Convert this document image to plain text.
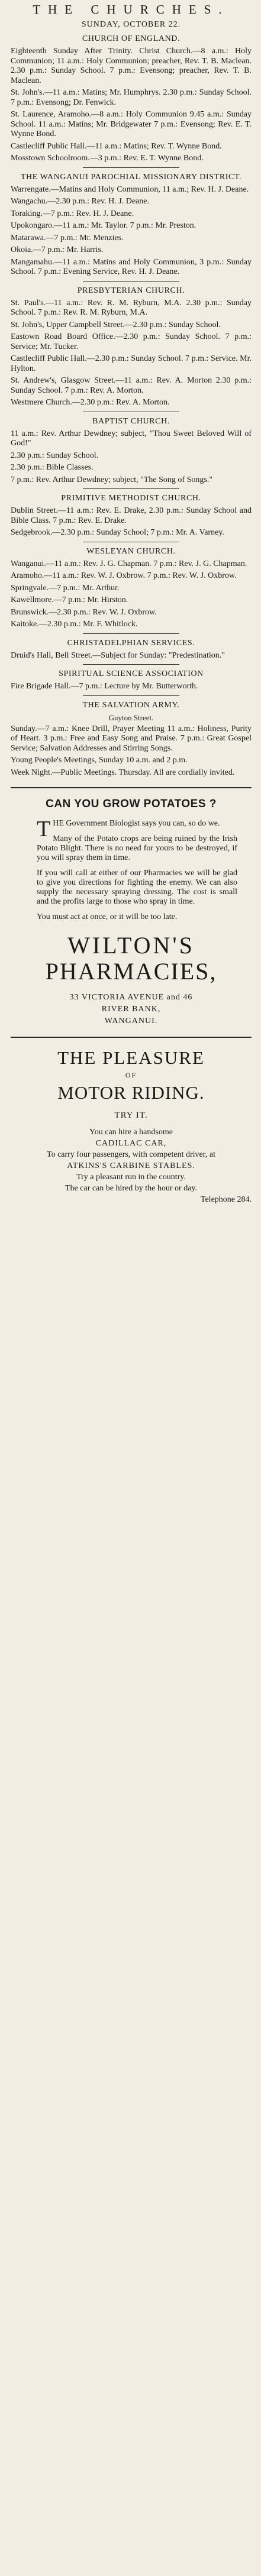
THE CHURCHES.
SUNDAY, OCTOBER 22.
CHURCH OF ENGLAND.

Eighteenth Sunday After Trinity. Christ Church.—8 a.m.: Holy Communion; 11 a.m.: Holy Communion; preacher, Rev. T. B. Maclean. 2.30 p.m.: Sunday School. 7 p.m.: Evensong; preacher, Rev. T. B. Maclean.

St. John's.—11 a.m.: Matins; Mr. Humphrys. 2.30 p.m.: Sunday School. 7 p.m.: Evensong; Dr. Fenwick.

St. Laurence, Aramoho.—8 a.m.: Holy Communion 9.45 a.m.: Sunday School. 11 a.m.: Matins; Mr. Bridgewater 7 p.m.: Evensong; Rev. E. T. Wynne Bond.

Castlecliff Public Hall.—11 a.m.: Matins; Rev. T. Wynne Bond.

Mosstown Schoolroom.—3 p.m.: Rev. E. T. Wynne Bond.

THE WANGANUI PAROCHIAL MISSIONARY DISTRICT.

Warrengate.—Matins and Holy Communion, 11 a.m.; Rev. H. J. Deane.

Wangachu.—2.30 p.m.: Rev. H. J. Deane.

Toraking.—7 p.m.: Rev. H. J. Deane.

Upokongaro.—11 a.m.: Mr. Taylor. 7 p.m.: Mr. Preston.

Matarawa.—7 p.m.: Mr. Menzies.

Okoia.—7 p.m.: Mr. Harris.

Mangamahu.—11 a.m.: Matins and Holy Communion, 3 p.m.: Sunday School. 7 p.m.: Evening Service, Rev. H. J. Deane.

PRESBYTERIAN CHURCH.

St. Paul's.—11 a.m.: Rev. R. M. Ryburn, M.A. 2.30 p.m.: Sunday School. 7 p.m.: Rev. R. M. Ryburn, M.A.

St. John's, Upper Campbell Street.—2.30 p.m.: Sunday School.

Eastown Road Board Office.—2.30 p.m.: Sunday School. 7 p.m.: Service; Mr. Tucker.

Castlecliff Public Hall.—2.30 p.m.: Sunday School. 7 p.m.: Service. Mr. Hylton.

St. Andrew's, Glasgow Street.—11 a.m.: Rev. A. Morton 2.30 p.m.: Sunday School. 7 p.m.: Rev. A. Morton.

Westmere Church.—2.30 p.m.: Rev. A. Morton.

BAPTIST CHURCH.

11 a.m.: Rev. Arthur Dewdney; subject, "Thou Sweet Beloved Will of God!"

2.30 p.m.: Sunday School.

2.30 p.m.: Bible Classes.

7 p.m.: Rev. Arthur Dewdney; subject, "The Song of Songs."

PRIMITIVE METHODIST CHURCH.

Dublin Street.—11 a.m.: Rev. E. Drake, 2.30 p.m.: Sunday School and Bible Class. 7 p.m.: Rev. E. Drake.

Sedgebrook.—2.30 p.m.: Sunday School; 7 p.m.: Mr. A. Varney.

WESLEYAN CHURCH.

Wanganui.—11 a.m.: Rev. J. G. Chapman. 7 p.m.: Rev. J. G. Chapman.

Aramoho.—11 a.m.: Rev. W. J. Oxbrow. 7 p.m.: Rev. W. J. Oxbrow.

Springvale.—7 p.m.: Mr. Arthur.

Kawellmore.—7 p.m.: Mr. Hirston.

Brunswick.—2.30 p.m.: Rev. W. J. Oxbrow.

Kaitoke.—2.30 p.m.: Mr. F. Whitlock.

CHRISTADELPHIAN SERVICES.

Druid's Hall, Bell Street.—Subject for Sunday: "Predestination."

SPIRITUAL SCIENCE ASSOCIATION

Fire Brigade Hall.—7 p.m.: Lecture by Mr. Butterworth.

THE SALVATION ARMY.
Guyton Street.

Sunday.—7 a.m.: Knee Drill, Prayer Meeting 11 a.m.: Holiness, Purity of Heart. 3 p.m.: Free and Easy Song and Praise. 7 p.m.: Great Gospel Service; Salvation Addresses and Stirring Songs.

Young People's Meetings, Sunday 10 a.m. and 2 p.m.

Week Night.—Public Meetings. Thursday. All are cordially invited.

CAN YOU GROW POTATOES ?

THE Government Biologist says you can, so do we.

Many of the Potato crops are being ruined by the Irish Potato Blight. There is no need for yours to be destroyed, if you will spray them in time.

If you will call at either of our Pharmacies we will be glad to give you directions for fighting the enemy. We can also supply the necessary spraying dressing. The cost is small and the profits large to those who spray in time.

You must act at once, or it will be too late.

WILTON'S
PHARMACIES,
33 VICTORIA AVENUE and 46
RIVER BANK,
WANGANUI.
THE PLEASURE
OF
MOTOR RIDING.
TRY IT.
You can hire a handsome
CADILLAC CAR,
To carry four passengers, with competent driver, at
ATKINS'S CARBINE STABLES.
Try a pleasant run in the country.
The car can be hired by the hour or day.
Telephone 284.
